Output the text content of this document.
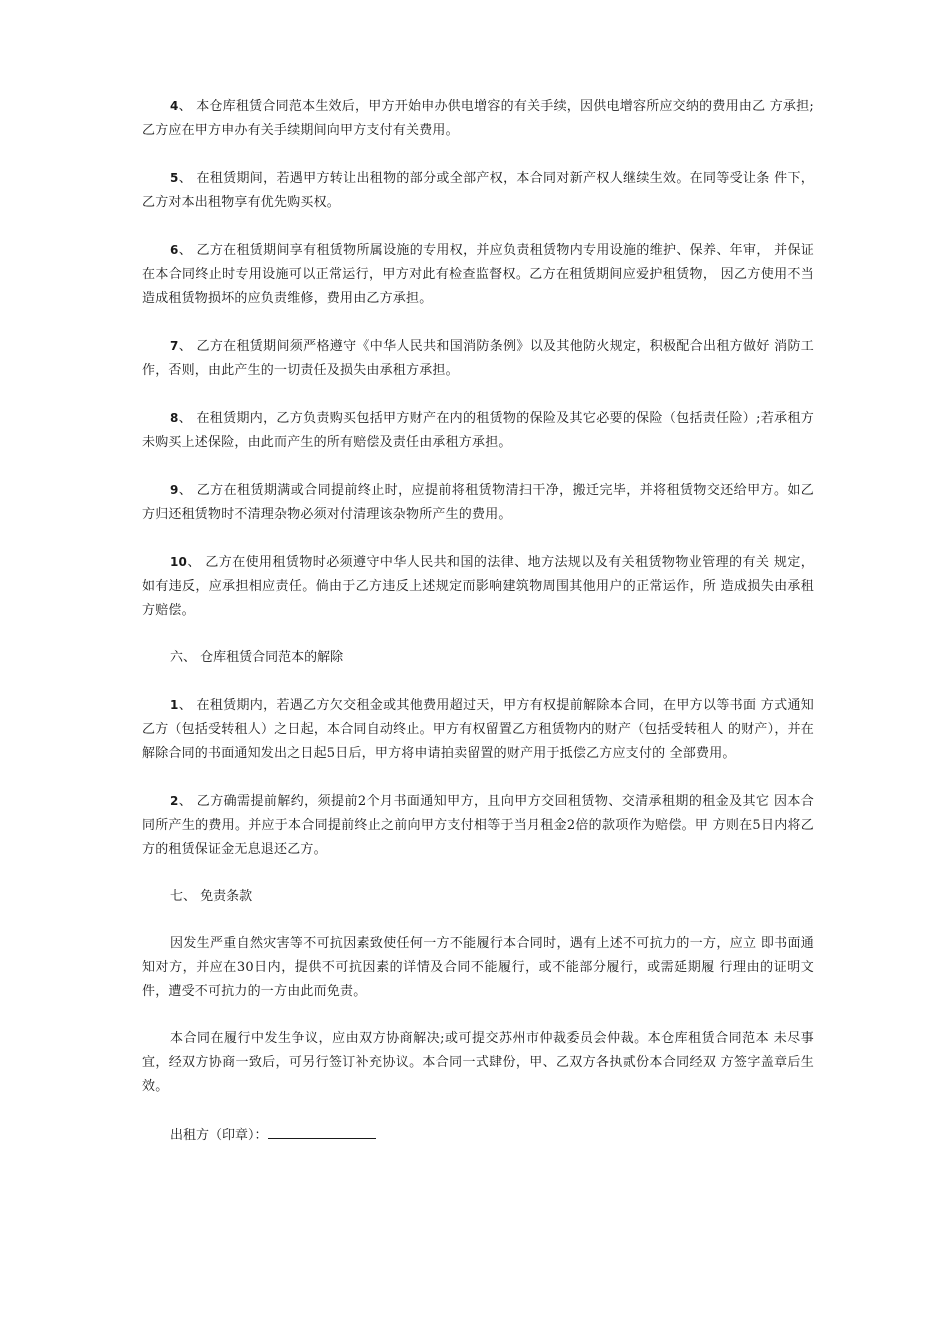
4、 本仓库租赁合同范本生效后，甲方开始申办供电增容的有关手续，因供电增容所应交纳的费用由乙 方承担;乙方应在甲方申办有关手续期间向甲方支付有关费用。

5、 在租赁期间，若遇甲方转让出租物的部分或全部产权，本合同对新产权人继续生效。在同等受让条 件下，乙方对本出租物享有优先购买权。

6、 乙方在租赁期间享有租赁物所属设施的专用权，并应负责租赁物内专用设施的维护、保养、年审， 并保证在本合同终止时专用设施可以正常运行，甲方对此有检查监督权。乙方在租赁期间应爱护租赁物， 因乙方使用不当造成租赁物损坏的应负责维修，费用由乙方承担。

7、 乙方在租赁期间须严格遵守《中华人民共和国消防条例》以及其他防火规定，积极配合出租方做好 消防工作，否则，由此产生的一切责任及损失由承租方承担。

8、 在租赁期内，乙方负责购买包括甲方财产在内的租赁物的保险及其它必要的保险（包括责任险）;若承租方未购买上述保险，由此而产生的所有赔偿及责任由承租方承担。

9、 乙方在租赁期满或合同提前终止时，应提前将租赁物清扫干净，搬迁完毕，并将租赁物交还给甲方。如乙方归还租赁物时不清理杂物必须对付清理该杂物所产生的费用。

10、 乙方在使用租赁物时必须遵守中华人民共和国的法律、地方法规以及有关租赁物物业管理的有关 规定，如有违反，应承担相应责任。倘由于乙方违反上述规定而影响建筑物周围其他用户的正常运作，所 造成损失由承租方赔偿。

六、 仓库租赁合同范本的解除

1、 在租赁期内，若遇乙方欠交租金或其他费用超过天，甲方有权提前解除本合同，在甲方以等书面 方式通知乙方（包括受转租人）之日起，本合同自动终止。甲方有权留置乙方租赁物内的财产（包括受转租人 的财产），并在解除合同的书面通知发出之日起5日后，甲方将申请拍卖留置的财产用于抵偿乙方应支付的 全部费用。

2、 乙方确需提前解约，须提前2个月书面通知甲方，且向甲方交回租赁物、交清承租期的租金及其它 因本合同所产生的费用。并应于本合同提前终止之前向甲方支付相等于当月租金2倍的款项作为赔偿。甲 方则在5日内将乙方的租赁保证金无息退还乙方。

七、 免责条款

因发生严重自然灾害等不可抗因素致使任何一方不能履行本合同时，遇有上述不可抗力的一方，应立 即书面通知对方，并应在30日内，提供不可抗因素的详情及合同不能履行，或不能部分履行，或需延期履 行理由的证明文件，遭受不可抗力的一方由此而免责。

本合同在履行中发生争议，应由双方协商解决;或可提交苏州市仲裁委员会仲裁。本仓库租赁合同范本 未尽事宜，经双方协商一致后，可另行签订补充协议。本合同一式肆份，甲、乙双方各执贰份本合同经双 方签字盖章后生效。

出租方（印章）：
